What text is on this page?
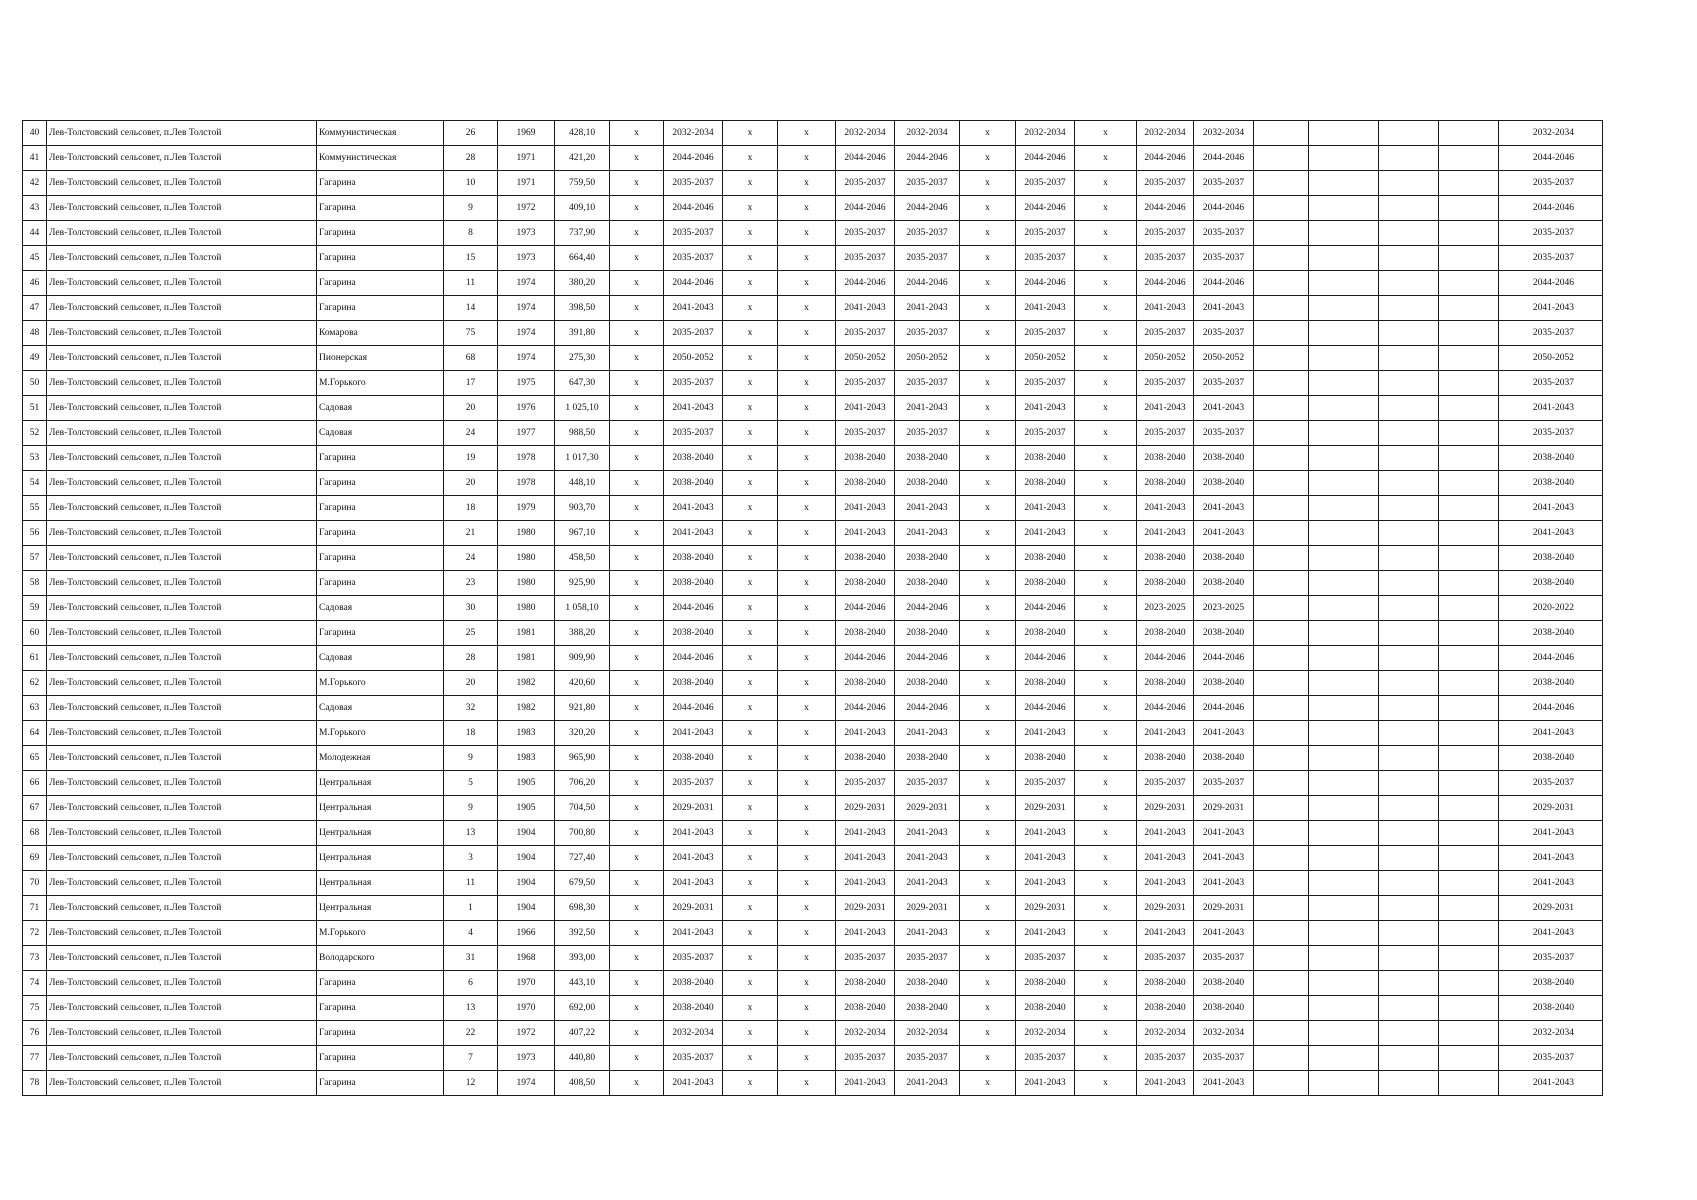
40	Лев-Толстовский сельсовет, п.Лев Толстой	Коммунистическая	26	1969	428,10	х	2032-2034	х	х	2032-2034	2032-2034	х	2032-2034	х	2032-2034	2032-2034					2032-2034
41	Лев-Толстовский сельсовет, п.Лев Толстой	Коммунистическая	28	1971	421,20	х	2044-2046	х	х	2044-2046	2044-2046	х	2044-2046	х	2044-2046	2044-2046					2044-2046
42	Лев-Толстовский сельсовет, п.Лев Толстой	Гагарина	10	1971	759,50	х	2035-2037	х	х	2035-2037	2035-2037	х	2035-2037	х	2035-2037	2035-2037					2035-2037
43	Лев-Толстовский сельсовет, п.Лев Толстой	Гагарина	9	1972	409,10	х	2044-2046	х	х	2044-2046	2044-2046	х	2044-2046	х	2044-2046	2044-2046					2044-2046
44	Лев-Толстовский сельсовет, п.Лев Толстой	Гагарина	8	1973	737,90	х	2035-2037	х	х	2035-2037	2035-2037	х	2035-2037	х	2035-2037	2035-2037					2035-2037
45	Лев-Толстовский сельсовет, п.Лев Толстой	Гагарина	15	1973	664,40	х	2035-2037	х	х	2035-2037	2035-2037	х	2035-2037	х	2035-2037	2035-2037					2035-2037
46	Лев-Толстовский сельсовет, п.Лев Толстой	Гагарина	11	1974	380,20	х	2044-2046	х	х	2044-2046	2044-2046	х	2044-2046	х	2044-2046	2044-2046					2044-2046
47	Лев-Толстовский сельсовет, п.Лев Толстой	Гагарина	14	1974	398,50	х	2041-2043	х	х	2041-2043	2041-2043	х	2041-2043	х	2041-2043	2041-2043					2041-2043
48	Лев-Толстовский сельсовет, п.Лев Толстой	Комарова	75	1974	391,80	х	2035-2037	х	х	2035-2037	2035-2037	х	2035-2037	х	2035-2037	2035-2037					2035-2037
49	Лев-Толстовский сельсовет, п.Лев Толстой	Пионерская	68	1974	275,30	х	2050-2052	х	х	2050-2052	2050-2052	х	2050-2052	х	2050-2052	2050-2052					2050-2052
50	Лев-Толстовский сельсовет, п.Лев Толстой	М.Горького	17	1975	647,30	х	2035-2037	х	х	2035-2037	2035-2037	х	2035-2037	х	2035-2037	2035-2037					2035-2037
51	Лев-Толстовский сельсовет, п.Лев Толстой	Садовая	20	1976	1 025,10	х	2041-2043	х	х	2041-2043	2041-2043	х	2041-2043	х	2041-2043	2041-2043					2041-2043
52	Лев-Толстовский сельсовет, п.Лев Толстой	Садовая	24	1977	988,50	х	2035-2037	х	х	2035-2037	2035-2037	х	2035-2037	х	2035-2037	2035-2037					2035-2037
53	Лев-Толстовский сельсовет, п.Лев Толстой	Гагарина	19	1978	1 017,30	х	2038-2040	х	х	2038-2040	2038-2040	х	2038-2040	х	2038-2040	2038-2040					2038-2040
54	Лев-Толстовский сельсовет, п.Лев Толстой	Гагарина	20	1978	448,10	х	2038-2040	х	х	2038-2040	2038-2040	х	2038-2040	х	2038-2040	2038-2040					2038-2040
55	Лев-Толстовский сельсовет, п.Лев Толстой	Гагарина	18	1979	903,70	х	2041-2043	х	х	2041-2043	2041-2043	х	2041-2043	х	2041-2043	2041-2043					2041-2043
56	Лев-Толстовский сельсовет, п.Лев Толстой	Гагарина	21	1980	967,10	х	2041-2043	х	х	2041-2043	2041-2043	х	2041-2043	х	2041-2043	2041-2043					2041-2043
57	Лев-Толстовский сельсовет, п.Лев Толстой	Гагарина	24	1980	458,50	х	2038-2040	х	х	2038-2040	2038-2040	х	2038-2040	х	2038-2040	2038-2040					2038-2040
58	Лев-Толстовский сельсовет, п.Лев Толстой	Гагарина	23	1980	925,90	х	2038-2040	х	х	2038-2040	2038-2040	х	2038-2040	х	2038-2040	2038-2040					2038-2040
59	Лев-Толстовский сельсовет, п.Лев Толстой	Садовая	30	1980	1 058,10	х	2044-2046	х	х	2044-2046	2044-2046	х	2044-2046	х	2023-2025	2023-2025					2020-2022
60	Лев-Толстовский сельсовет, п.Лев Толстой	Гагарина	25	1981	388,20	х	2038-2040	х	х	2038-2040	2038-2040	х	2038-2040	х	2038-2040	2038-2040					2038-2040
61	Лев-Толстовский сельсовет, п.Лев Толстой	Садовая	28	1981	909,90	х	2044-2046	х	х	2044-2046	2044-2046	х	2044-2046	х	2044-2046	2044-2046					2044-2046
62	Лев-Толстовский сельсовет, п.Лев Толстой	М.Горького	20	1982	420,60	х	2038-2040	х	х	2038-2040	2038-2040	х	2038-2040	х	2038-2040	2038-2040					2038-2040
63	Лев-Толстовский сельсовет, п.Лев Толстой	Садовая	32	1982	921,80	х	2044-2046	х	х	2044-2046	2044-2046	х	2044-2046	х	2044-2046	2044-2046					2044-2046
64	Лев-Толстовский сельсовет, п.Лев Толстой	М.Горького	18	1983	320,20	х	2041-2043	х	х	2041-2043	2041-2043	х	2041-2043	х	2041-2043	2041-2043					2041-2043
65	Лев-Толстовский сельсовет, п.Лев Толстой	Молодежная	9	1983	965,90	х	2038-2040	х	х	2038-2040	2038-2040	х	2038-2040	х	2038-2040	2038-2040					2038-2040
66	Лев-Толстовский сельсовет, п.Лев Толстой	Центральная	5	1905	706,20	х	2035-2037	х	х	2035-2037	2035-2037	х	2035-2037	х	2035-2037	2035-2037					2035-2037
67	Лев-Толстовский сельсовет, п.Лев Толстой	Центральная	9	1905	704,50	х	2029-2031	х	х	2029-2031	2029-2031	х	2029-2031	х	2029-2031	2029-2031					2029-2031
68	Лев-Толстовский сельсовет, п.Лев Толстой	Центральная	13	1904	700,80	х	2041-2043	х	х	2041-2043	2041-2043	х	2041-2043	х	2041-2043	2041-2043					2041-2043
69	Лев-Толстовский сельсовет, п.Лев Толстой	Центральная	3	1904	727,40	х	2041-2043	х	х	2041-2043	2041-2043	х	2041-2043	х	2041-2043	2041-2043					2041-2043
70	Лев-Толстовский сельсовет, п.Лев Толстой	Центральная	11	1904	679,50	х	2041-2043	х	х	2041-2043	2041-2043	х	2041-2043	х	2041-2043	2041-2043					2041-2043
71	Лев-Толстовский сельсовет, п.Лев Толстой	Центральная	1	1904	698,30	х	2029-2031	х	х	2029-2031	2029-2031	х	2029-2031	х	2029-2031	2029-2031					2029-2031
72	Лев-Толстовский сельсовет, п.Лев Толстой	М.Горького	4	1966	392,50	х	2041-2043	х	х	2041-2043	2041-2043	х	2041-2043	х	2041-2043	2041-2043					2041-2043
73	Лев-Толстовский сельсовет, п.Лев Толстой	Володарского	31	1968	393,00	х	2035-2037	х	х	2035-2037	2035-2037	х	2035-2037	х	2035-2037	2035-2037					2035-2037
74	Лев-Толстовский сельсовет, п.Лев Толстой	Гагарина	6	1970	443,10	х	2038-2040	х	х	2038-2040	2038-2040	х	2038-2040	х	2038-2040	2038-2040					2038-2040
75	Лев-Толстовский сельсовет, п.Лев Толстой	Гагарина	13	1970	692,00	х	2038-2040	х	х	2038-2040	2038-2040	х	2038-2040	х	2038-2040	2038-2040					2038-2040
76	Лев-Толстовский сельсовет, п.Лев Толстой	Гагарина	22	1972	407,22	х	2032-2034	х	х	2032-2034	2032-2034	х	2032-2034	х	2032-2034	2032-2034					2032-2034
77	Лев-Толстовский сельсовет, п.Лев Толстой	Гагарина	7	1973	440,80	х	2035-2037	х	х	2035-2037	2035-2037	х	2035-2037	х	2035-2037	2035-2037					2035-2037
78	Лев-Толстовский сельсовет, п.Лев Толстой	Гагарина	12	1974	408,50	х	2041-2043	х	х	2041-2043	2041-2043	х	2041-2043	х	2041-2043	2041-2043					2041-2043
